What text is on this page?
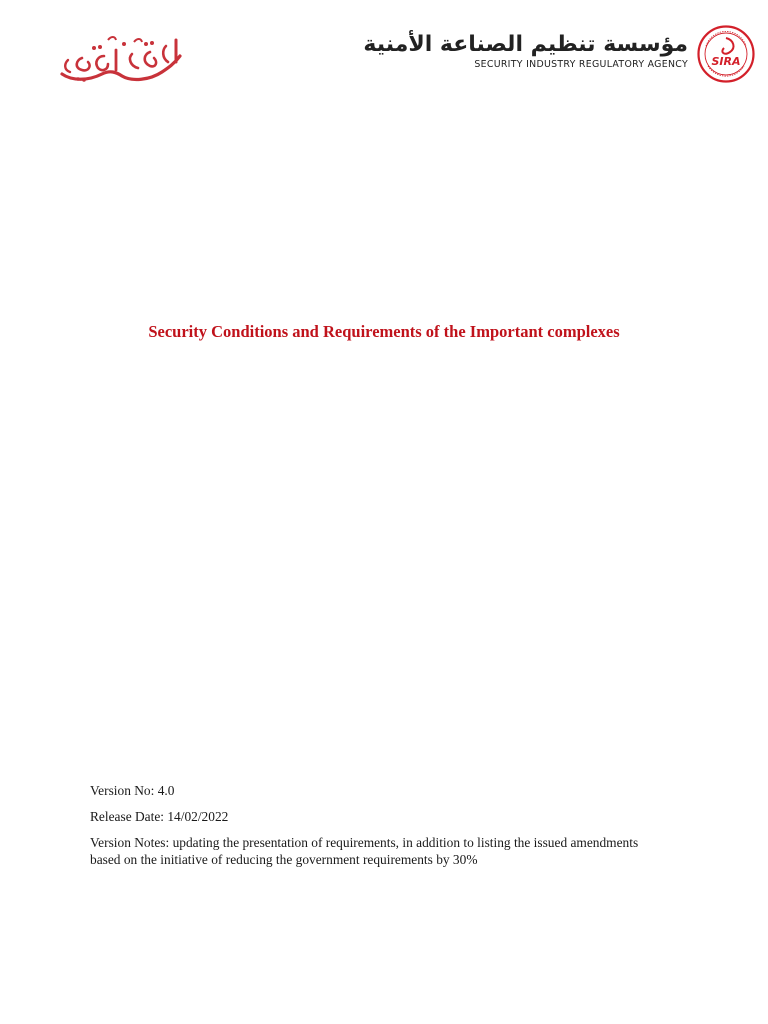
مؤسسة تنظيم الصناعة الأمنية
SECURITY INDUSTRY REGULATORY AGENCY SIRA
Security Conditions and Requirements of the Important complexes

Version No: 4.0

Release Date: 14/02/2022

Version Notes: updating the presentation of requirements, in addition to listing the issued amendments
based on the initiative of reducing the government requirements by 30%
